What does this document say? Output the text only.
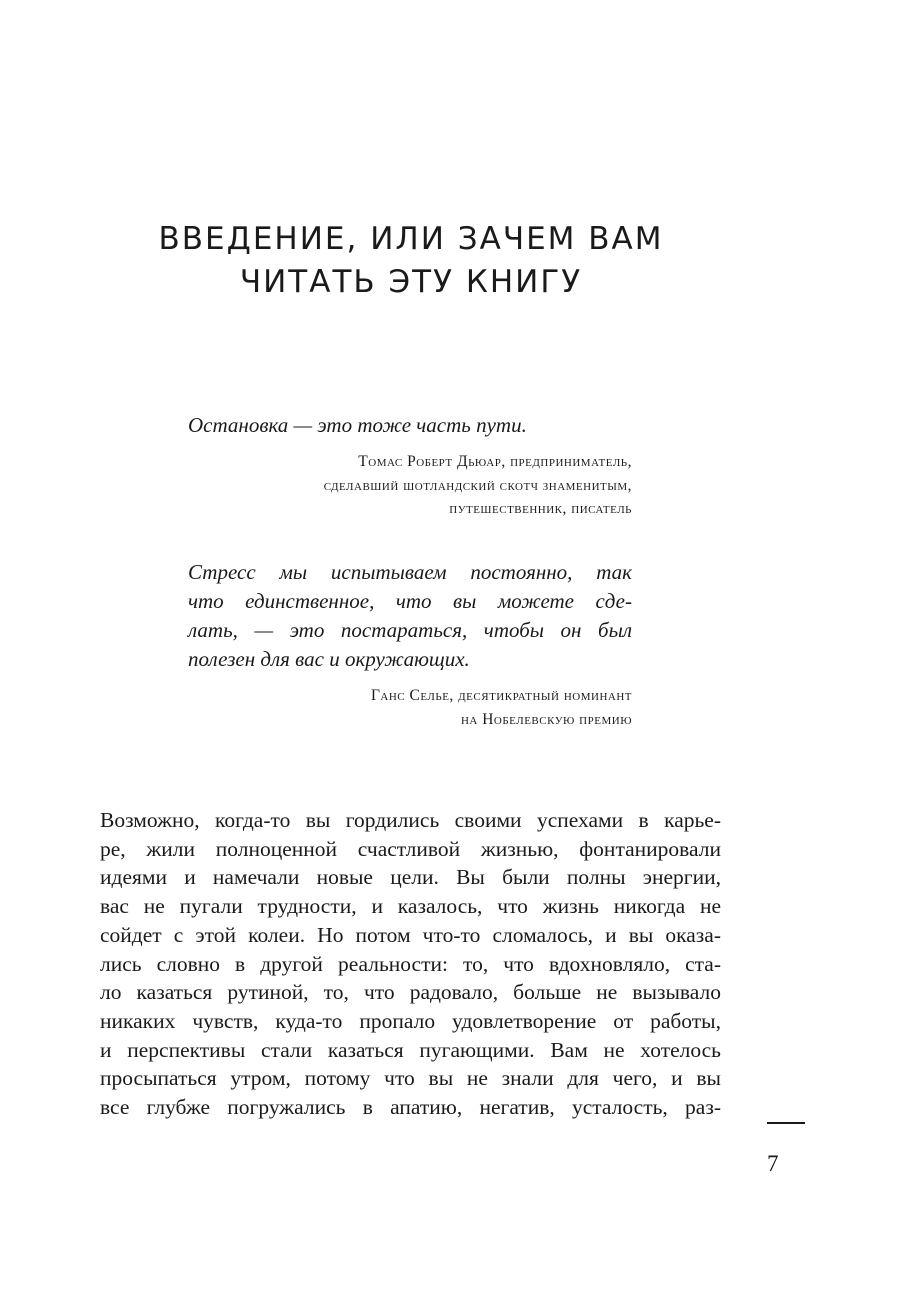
ВВЕДЕНИЕ, ИЛИ ЗАЧЕМ ВАМ
ЧИТАТЬ ЭТУ КНИГУ

Остановка — это тоже часть пути.

Томас Роберт Дьюар, предприниматель,
сделавший шотландский скотч знаменитым,
путешественник, писатель

Стресс мы испытываем постоянно, так
что единственное, что вы можете сде-
лать, — это постараться, чтобы он был
полезен для вас и окружающих.

Ганс Селье, десятикратный номинант
на Нобелевскую премию

Возможно, когда-то вы гордились своими успехами в карье-
ре, жили полноценной счастливой жизнью, фонтанировали
идеями и намечали новые цели. Вы были полны энергии,
вас не пугали трудности, и казалось, что жизнь никогда не
сойдет с этой колеи. Но потом что-то сломалось, и вы оказа-
лись словно в другой реальности: то, что вдохновляло, ста-
ло казаться рутиной, то, что радовало, больше не вызывало
никаких чувств, куда-то пропало удовлетворение от работы,
и перспективы стали казаться пугающими. Вам не хотелось
просыпаться утром, потому что вы не знали для чего, и вы
все глубже погружались в апатию, негатив, усталость, раз-

7
